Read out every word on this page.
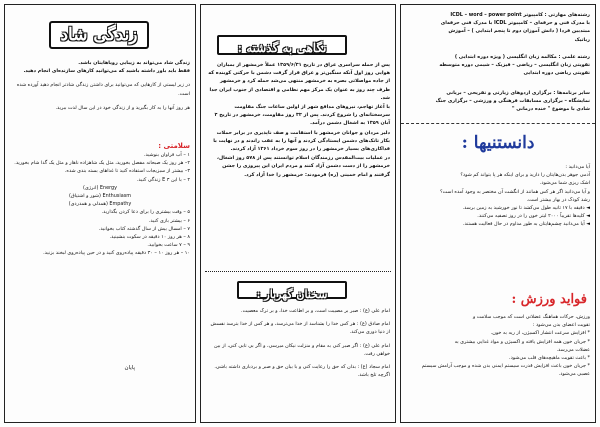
زندگی شاد
زندگی شاد می‌تواند به زیبایی رویاهایتان باشد.
فقط باید باور داشته باشید که می‌توانید کارهای سازنده‌ای انجام دهید.
در زیر لیستی از کارهایی که می‌توانید برای داشتن زندگی شادتر انجام دهید آورده شده است.
هر روز آنها را به کار بگیرید و از زندگی خود در این سال لذت ببرید.
سلامتی :
۱ – آب فراوان بنوشید.
۲– هر روز یک صبحانه مفصل بخورید، مثل یک شاهزاده ناهار و مثل یک گدا شام بخورید.
۳– بیشتر از سبزیجات استفاده کنید تا غذاهای بسته بندی شده.
۴ – با این ۳ E زندگی کنید.
Energy (انرژی)
Enthusiasm (شور و اشتیاق)
Empathy (همدلی و همدردی)
۵ – وقت بیشتری را برای دعا کردن بگذارید.
۶ – بیشتر بازی کنید.
۷ – امسال بیش از سال گذشته کتاب بخوانید.
۸ – هر روز ۱۰ دقیقه در سکوت بنشینید.
۹ – ۷ ساعت بخوابید.
۱۰ – هر روز ۱۰ – ۳۰ دقیقه پیاده‌روی کنید و در حین پیاده‌روی لبخند بزنید.
پایان
نگاهی به گذشته :
پس از حمله سراسری عراق در تاریخ ۱۳۵۹/۶/۳۱ عملاً خرمشهر از بمباران هوایی روز اول آنکه سنگین‌تر و عراق قرار گرفت دشمن با حرکتی کوبنده که از جاده مواصلاتی بصره به خرمشهر منتهی می‌شد حمله کرد و خرمشهر ظرف چند روز به عنوان یک مرکز مهم نظامی و اقتصادی از جنوب ایران جدا شد.
با آغاز تهاجم، نیروهای مدافع شهر از اولین ساعات جنگ مقاومت سرسختانه‌ای را شروع کردند. پس از ۳۴ روز مقاومت، خرمشهر در تاریخ ۴ آبان ۱۳۵۹ به اشغال دشمن درآمد.
دلیر مردان و جوانان خرمشهر با استقامت و صف ناپذیری در برابر حملات بکار تانک‌های دشمن ایستادگی کردند و آنها را به عقب راندند و در نهایت با فداکاری‌های بسیار خرمشهر را در روز سوم خرداد ۱۳۶۱ آزاد کردند.
در عملیات بیت‌المقدس رزمندگان اسلام توانستند پس از ۵۷۸ روز اشغال، خرمشهر را از دست دشمن آزاد کنند و مردم ایران این پیروزی را جشن گرفتند و امام خمینی (ره) فرمودند: خرمشهر را خدا آزاد کرد.
سخنان گهربار :
امام علی (ع) : صبر بر مصیبت است، و بر اطاعت خدا، و بر ترک معصیت.
امام صادق (ع) : هر کس خدا را بشناسد از خدا می‌ترسد، و هر کس از خدا بترسد نفسش از دنیا دوری می‌کند.
امام علی (ع) : اگر صبر کنی به مقام و منزلت نیکان میرسی، و اگر بی تابی کنی، از بین خواهی رفت.
امام سجاد (ع) : بدان که حق را رعایت کنی و با بیان حق و صبر و بردباری داشته باشی.
اگرچه تلخ باشد.
رشته‌های مهارتی : کامپیوتر ICDL – word – power point
با مدرک فنی و حرفه‌ای – کامپیوتر ICDL با مدرک فنی حرفه‌ای
مبتدیین فردا ( دانش آموزان دوم تا پنجم ابتدایی ) – آموزش
رباتیک
رشته علمی : مکالمه زبان انگلیسی ( ویژه دوره ابتدایی )
تقویتی زبان انگلیسی – ریاضی – فیزیک – شیمی دوره متوسطه
تقویتی ریاضی دوره ابتدایی
سایر برنامه‌ها : برگزاری اردوهای زیارتی و تفریحی – بریانی
نمایشگاه – برگزاری مسابقات فرهنگی و ورزشی – برگزاری جنگ
شادی با موضوع " خنده درمانی "
دانستنیها :
آیا می‌دانید :
آدمی جوهر بدن‌هایتان را دارید و برای اینکه هر پا بتواند کم شود؟
اشک ریزی شما می‌شود.
و آیا می‌دانید اگر هر کس همانند از انگشت آن مختصر به وجود آمده است؟
رشد کودک در بهار بیشتر است.
◄ دقیقه با ۱۷ ثانیه طول می‌کشد تا نور خورشید به زمین برسد.
◄ کلیه‌ها تقریباً ۲۰۰۰ لیتر خون را در روز تصفیه می‌کنند.
◄ آیا می‌دانید چشم‌هایتان به طور مداوم در حال فعالیت هستند.
فواید ورزش :
ورزش، حرکات هماهنگ عضلانی است که موجب سلامت و
تقویت اعضای بدن می‌شود :
* افزایش سرعت انتشار اکسیژن، از ریه به خون.
* جریان خون همه افزایش یافته و اکسیژن و مواد غذایی بیشتری به
عضلات می‌رسد.
* باعث تقویت ماهیچه‌های قلب می‌شود.
* جریان خون باعث افزایش قدرت سیستم ایمنی بدن شده و موجب آرامش سیستم
عصبی می‌شود.
